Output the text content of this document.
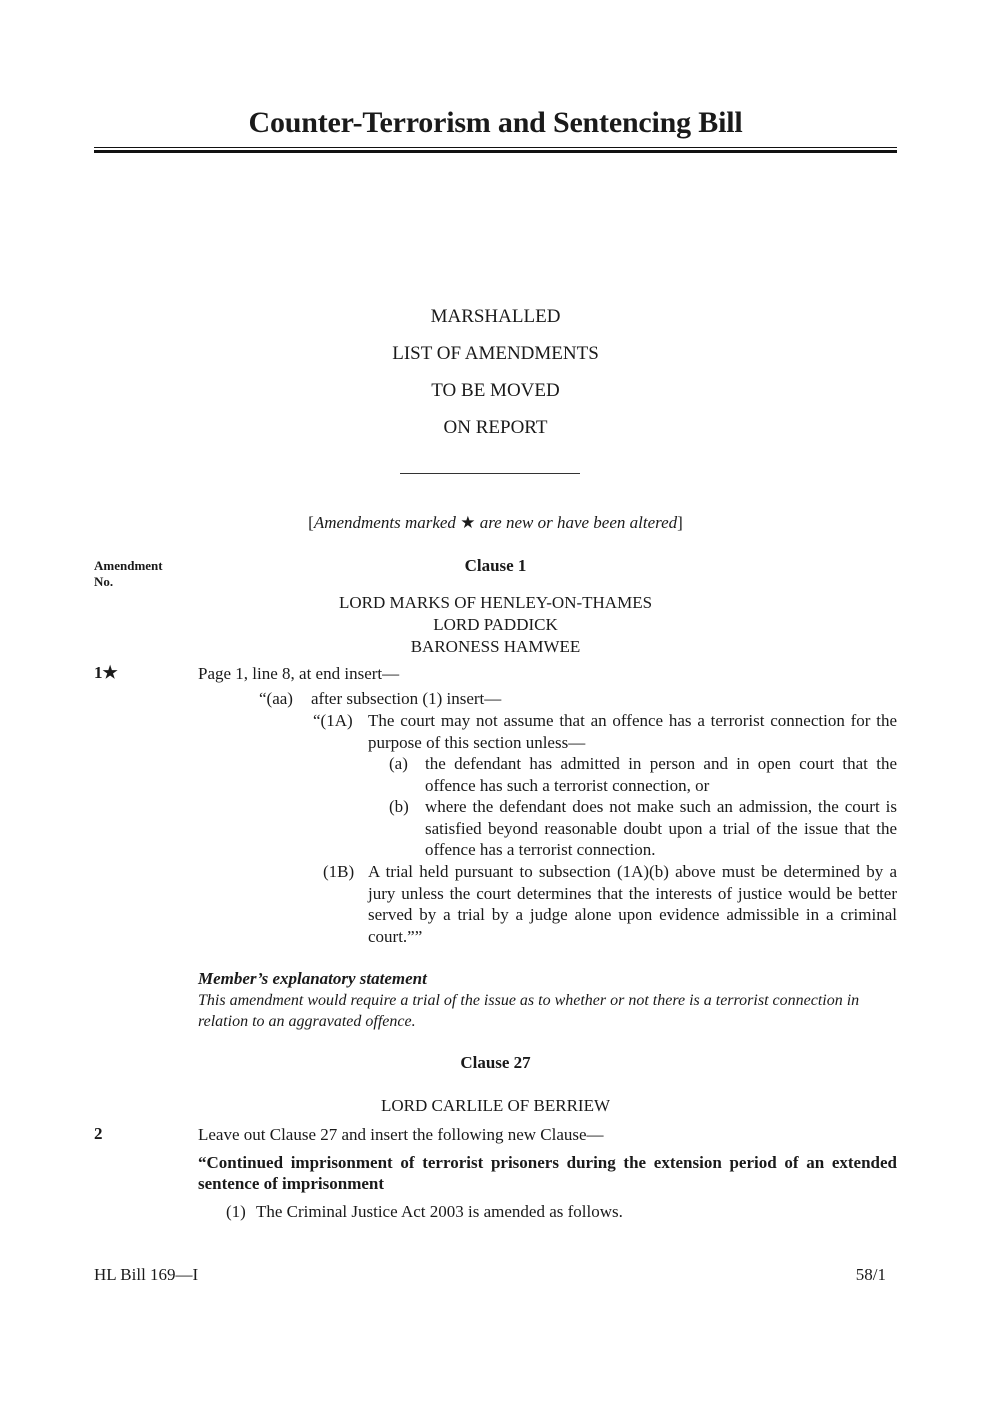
Counter-Terrorism and Sentencing Bill
MARSHALLED
LIST OF AMENDMENTS
TO BE MOVED
ON REPORT
[Amendments marked ★ are new or have been altered]
Amendment
No.
Clause 1
LORD MARKS OF HENLEY-ON-THAMES
LORD PADDICK
BARONESS HAMWEE
1★	Page 1, line 8, at end insert—
“(aa) after subsection (1) insert—
“(1A) The court may not assume that an offence has a terrorist connection for the purpose of this section unless—
(a) the defendant has admitted in person and in open court that the offence has such a terrorist connection, or
(b) where the defendant does not make such an admission, the court is satisfied beyond reasonable doubt upon a trial of the issue that the offence has a terrorist connection.
(1B) A trial held pursuant to subsection (1A)(b) above must be determined by a jury unless the court determines that the interests of justice would be better served by a trial by a judge alone upon evidence admissible in a criminal court.””
Member’s explanatory statement
This amendment would require a trial of the issue as to whether or not there is a terrorist connection in relation to an aggravated offence.
Clause 27
LORD CARLILE OF BERRIEW
2	Leave out Clause 27 and insert the following new Clause—
“Continued imprisonment of terrorist prisoners during the extension period of an extended sentence of imprisonment
(1) The Criminal Justice Act 2003 is amended as follows.
HL Bill 169—I	58/1
